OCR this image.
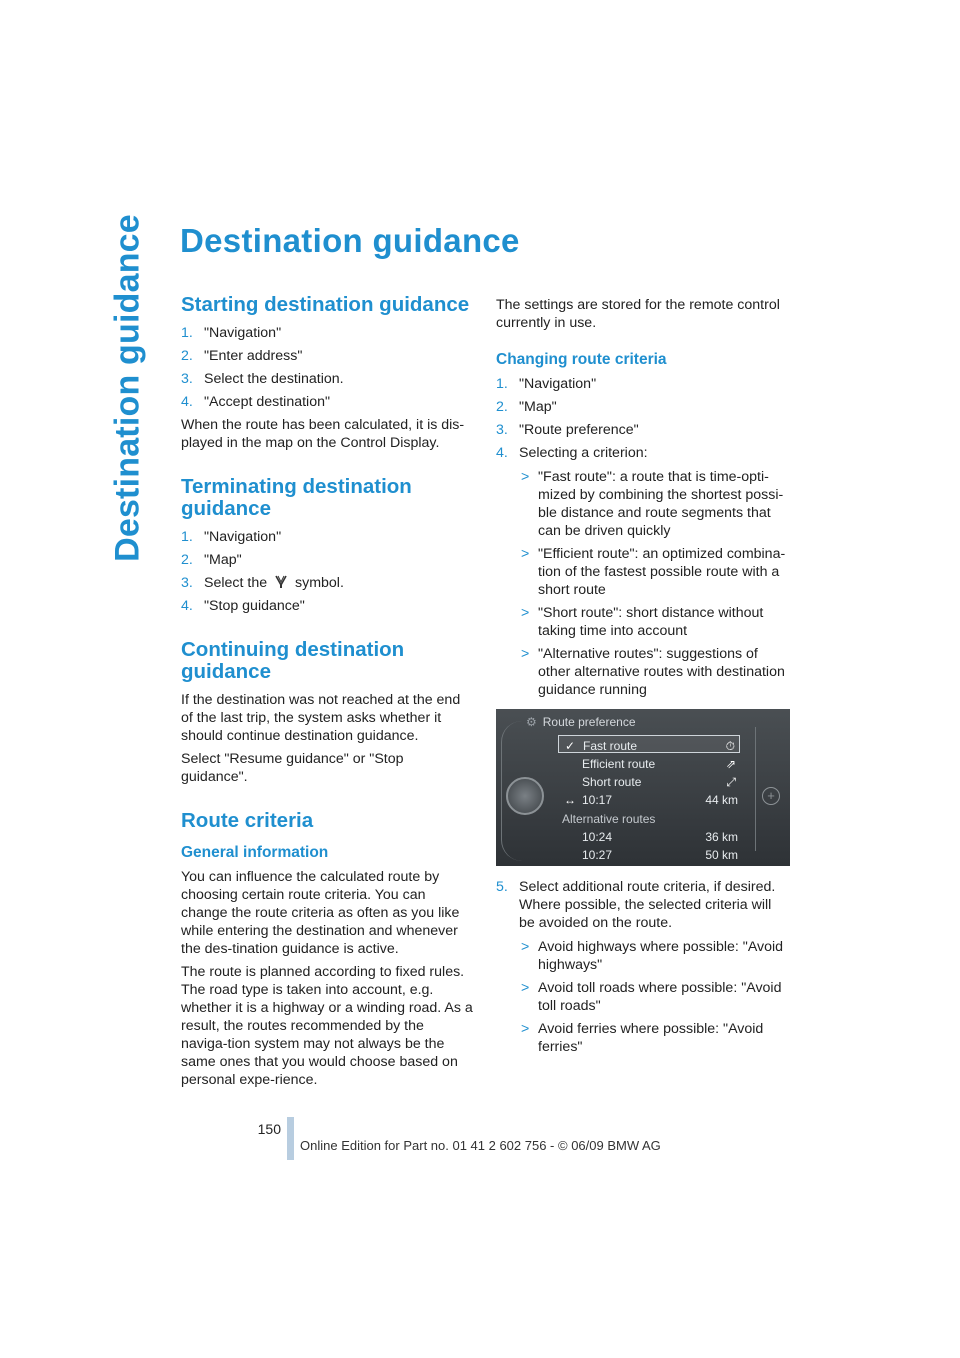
Destination guidance Destination guidance
Starting destination guidance
1. "Navigation"
2. "Enter address"
3. Select the destination.
4. "Accept destination"

When the route has been calculated, it is dis-played in the map on the Control Display.

Terminating destination guidance
1. "Navigation"
2. "Map"
3. Select the symbol.
4. "Stop guidance"
Continuing destination guidance

If the destination was not reached at the end of the last trip, the system asks whether it should continue destination guidance.

Select "Resume guidance" or "Stop guidance".

Route criteria
General information

You can influence the calculated route by choosing certain route criteria. You can change the route criteria as often as you like while entering the destination and whenever the des-tination guidance is active.

The route is planned according to fixed rules. The road type is taken into account, e.g. whether it is a highway or a winding road. As a result, the routes recommended by the naviga-tion system may not always be the same ones that you would choose based on personal expe-rience.

The settings are stored for the remote control currently in use.

Changing route criteria
1. "Navigation"
2. "Map"
3. "Route preference"
4. Selecting a criterion:
> "Fast route": a route that is time-opti-mized by combining the shortest possi-ble distance and route segments that can be driven quickly
> "Efficient route": an optimized combina-tion of the fastest possible route with a short route
> "Short route": short distance without taking time into account
> "Alternative routes": suggestions of other alternative routes with destination guidance running
+
⚙ Route preference
✓ Fast route	⏱
Efficient route	⇗
Short route	⤢
↔ 10:17	44 km
Alternative routes
10:24	36 km
10:27	50 km
5. Select additional route criteria, if desired. Where possible, the selected criteria will be avoided on the route.
> Avoid highways where possible: "Avoid highways"
> Avoid toll roads where possible: "Avoid toll roads"
> Avoid ferries where possible: "Avoid ferries"
150
Online Edition for Part no. 01 41 2 602 756 - © 06/09 BMW AG
